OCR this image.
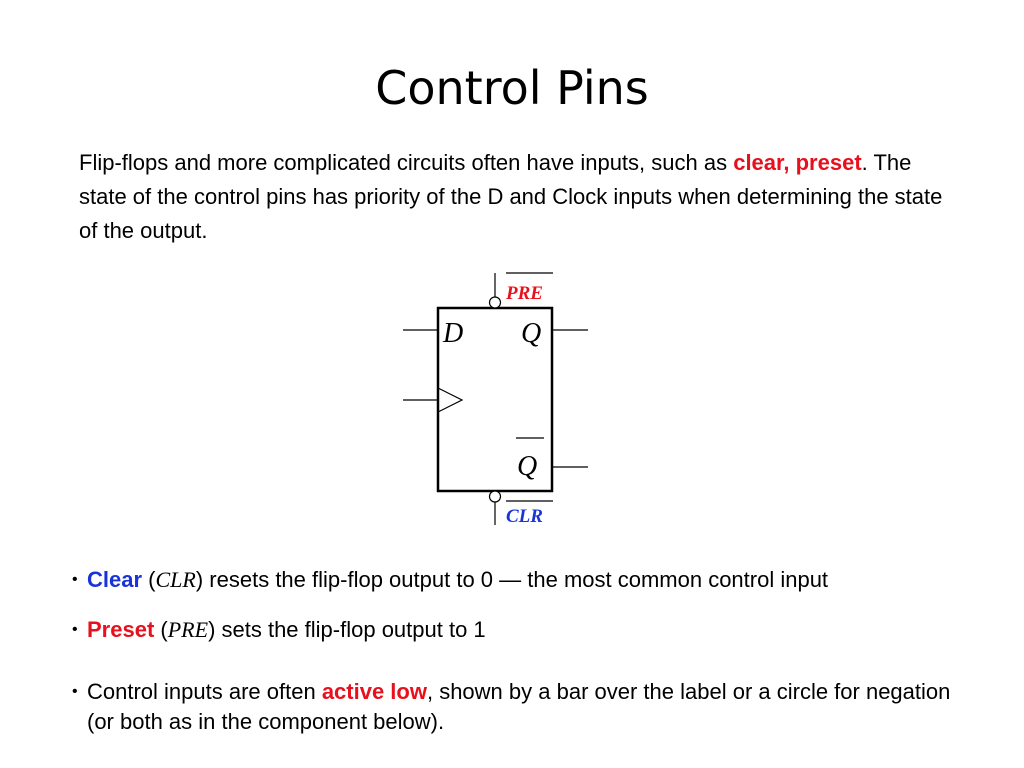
Control Pins
Flip-flops and more complicated circuits often have inputs, such as clear, preset. The state of the control pins has priority of the D and Clock inputs when determining the state of the output.
D Q
Q
PRE
CLR
• Clear (CLR) resets the flip-flop output to 0 — the most common control input
• Preset (PRE) sets the flip-flop output to 1
• Control inputs are often active low, shown by a bar over the label or a circle for negation (or both as in the component below).
